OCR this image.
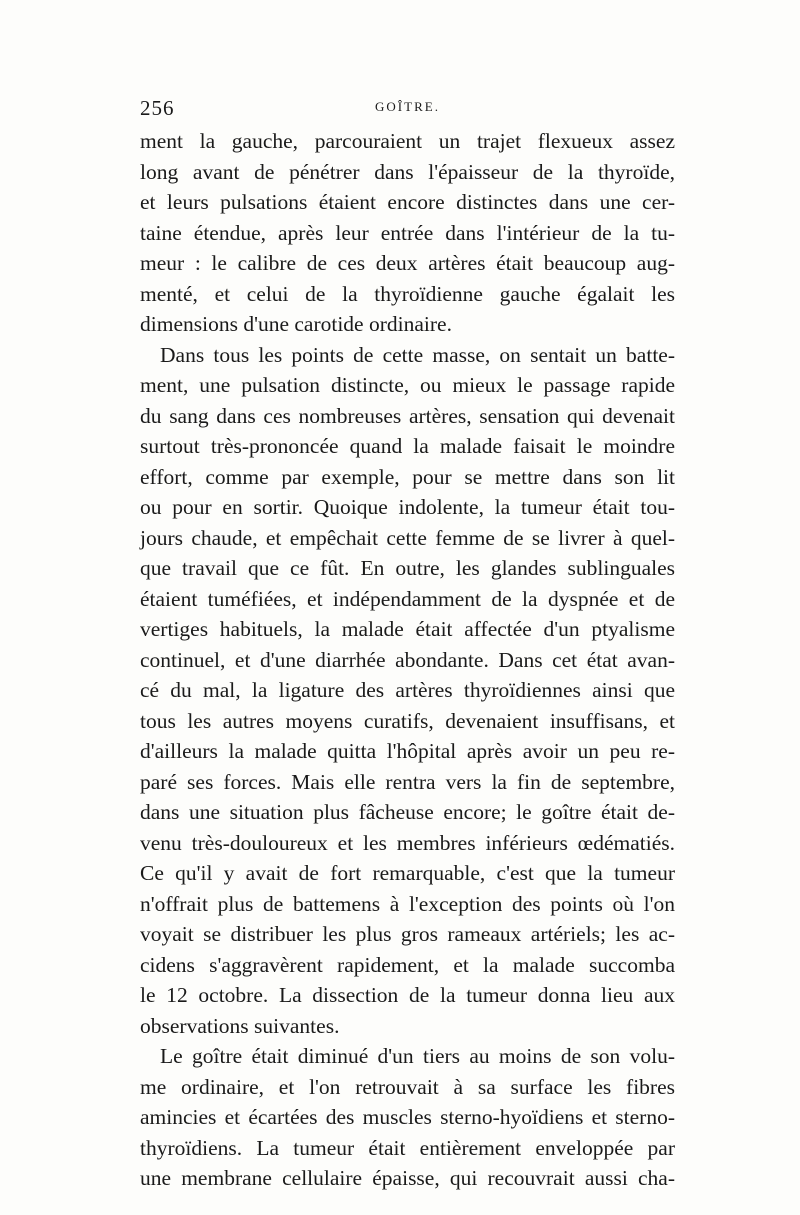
256	GOÎTRE.
ment la gauche, parcouraient un trajet flexueux assez
long avant de pénétrer dans l'épaisseur de la thyroïde,
et leurs pulsations étaient encore distinctes dans une cer-
taine étendue, après leur entrée dans l'intérieur de la tu-
meur : le calibre de ces deux artères était beaucoup aug-
menté, et celui de la thyroïdienne gauche égalait les
dimensions d'une carotide ordinaire.
Dans tous les points de cette masse, on sentait un batte-
ment, une pulsation distincte, ou mieux le passage rapide
du sang dans ces nombreuses artères, sensation qui devenait
surtout très-prononcée quand la malade faisait le moindre
effort, comme par exemple, pour se mettre dans son lit
ou pour en sortir. Quoique indolente, la tumeur était tou-
jours chaude, et empêchait cette femme de se livrer à quel-
que travail que ce fût. En outre, les glandes sublinguales
étaient tuméfiées, et indépendamment de la dyspnée et de
vertiges habituels, la malade était affectée d'un ptyalisme
continuel, et d'une diarrhée abondante. Dans cet état avan-
cé du mal, la ligature des artères thyroïdiennes ainsi que
tous les autres moyens curatifs, devenaient insuffisans, et
d'ailleurs la malade quitta l'hôpital après avoir un peu re-
paré ses forces. Mais elle rentra vers la fin de septembre,
dans une situation plus fâcheuse encore; le goître était de-
venu très-douloureux et les membres inférieurs œdématiés.
Ce qu'il y avait de fort remarquable, c'est que la tumeur
n'offrait plus de battemens à l'exception des points où l'on
voyait se distribuer les plus gros rameaux artériels; les ac-
cidens s'aggravèrent rapidement, et la malade succomba
le 12 octobre. La dissection de la tumeur donna lieu aux
observations suivantes.
Le goître était diminué d'un tiers au moins de son volu-
me ordinaire, et l'on retrouvait à sa surface les fibres
amincies et écartées des muscles sterno-hyoïdiens et sterno-
thyroïdiens. La tumeur était entièrement enveloppée par
une membrane cellulaire épaisse, qui recouvrait aussi cha-
